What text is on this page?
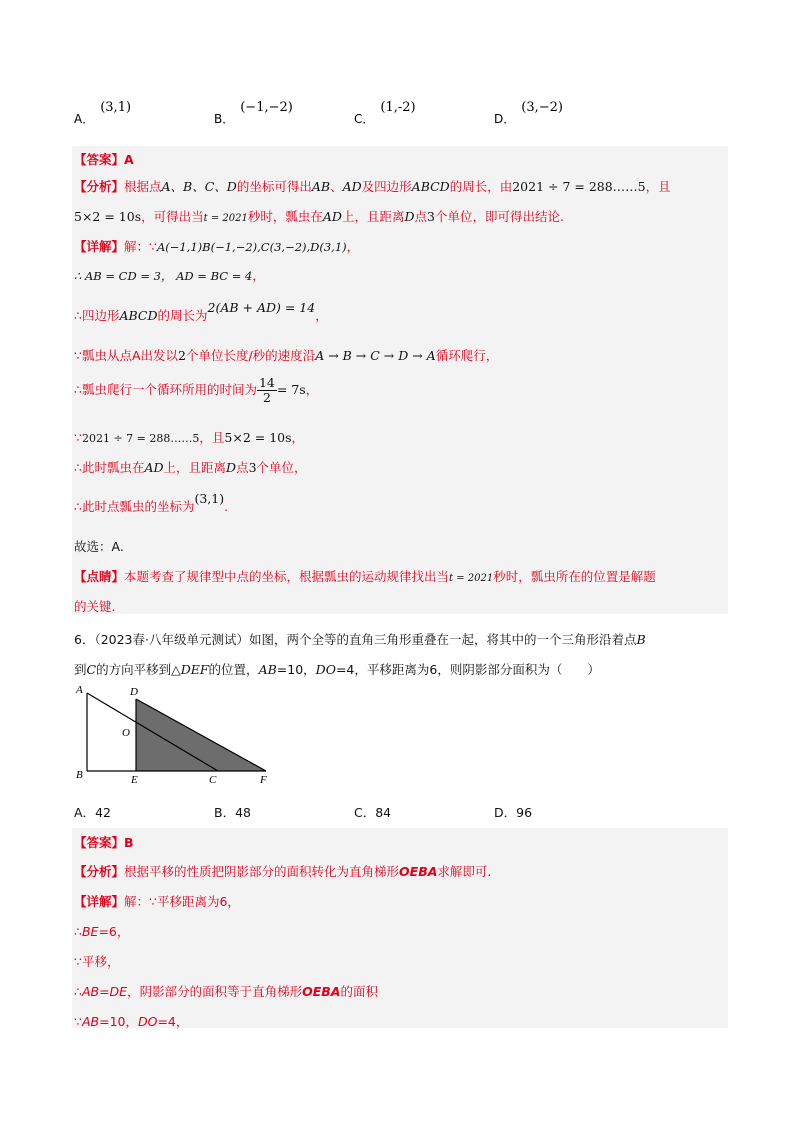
A．
(3,1)
B．
(−1,−2)
C．
(1,-2)
D．
(3,−2)
【答案】A
【分析】根据点A、B、C、D的坐标可得出AB、AD及四边形ABCD的周长，由2021 ÷ 7 = 288……5，且
5×2 = 10s，可得出当t = 2021秒时，瓢虫在AD上，且距离D点3个单位，即可得出结论.
【详解】解：∵A(−1,1)B(−1,−2),C(3,−2),D(3,1)，
∴ AB = CD = 3， AD = BC = 4，
∴四边形ABCD的周长为2(AB + AD) = 14，
∵瓢虫从点A出发以2个单位长度/秒的速度沿A → B → C → D → A循环爬行，
∴瓢虫爬行一个循环所用的时间为 $\frac{14}{2} = 7s$，
∵2021 ÷ 7 = 288……5，且5×2 = 10s，
∴此时瓢虫在AD上，且距离D点3个单位，
∴此时点瓢虫的坐标为(3,1).
故选：A.
【点睛】本题考查了规律型中点的坐标，根据瓢虫的运动规律找出当t = 2021秒时，瓢虫所在的位置是解题
的关键.
6．（2023春·八年级单元测试）如图，两个全等的直角三角形重叠在一起，将其中的一个三角形沿着点B
到C的方向平移到△DEF的位置，AB=10，DO=4，平移距离为6，则阴影部分面积为（　　）
A
B
D
O
E	C	F
A．42	B．48	C．84	D．96
【答案】B
【分析】根据平移的性质把阴影部分的面积转化为直角梯形OEBA求解即可.
【详解】解：∵平移距离为6，
∴BE=6，
∵平移，
∴AB=DE，阴影部分的面积等于直角梯形OEBA的面积
∵AB=10，DO=4，
